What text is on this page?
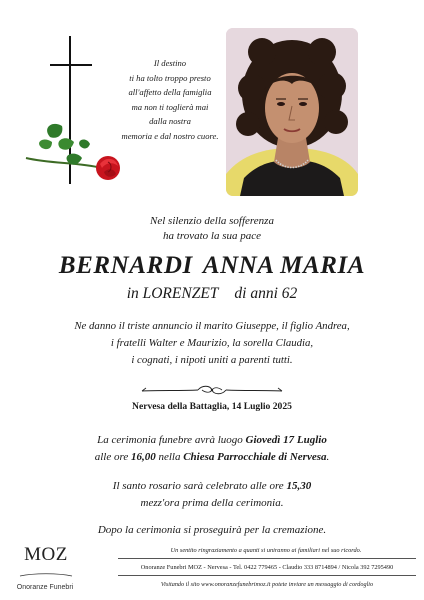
Il destino
ti ha tolto troppo presto
all'affetto della famiglia
ma non ti toglierà mai
dalla nostra
memoria e dal nostro cuore.
Nel silenzio della sofferenza
ha trovato la sua pace
BERNARDI ANNA MARIA
in LORENZET di anni 62
Ne danno il triste annuncio il marito Giuseppe, il figlio Andrea,
i fratelli Walter e Maurizio, la sorella Claudia,
i cognati, i nipoti uniti a parenti tutti.
Nervesa della Battaglia, 14 Luglio 2025
La cerimonia funebre avrà luogo Giovedì 17 Luglio
alle ore 16,00 nella Chiesa Parrocchiale di Nervesa.
Il santo rosario sarà celebrato alle ore 15,30
mezz'ora prima della cerimonia.
Dopo la cerimonia si proseguirà per la cremazione.
MOZ
Onoranze Funebri
Un sentito ringraziamento a quanti si uniranno ai familiari nel suo ricordo.
Onoranze Funebri MOZ - Nervesa - Tel. 0422 779465 - Claudio 333 8714894 / Nicola 392 7295490
Visitando il sito www.onoranzefunebrimoz.it potete inviare un messaggio di cordoglio
